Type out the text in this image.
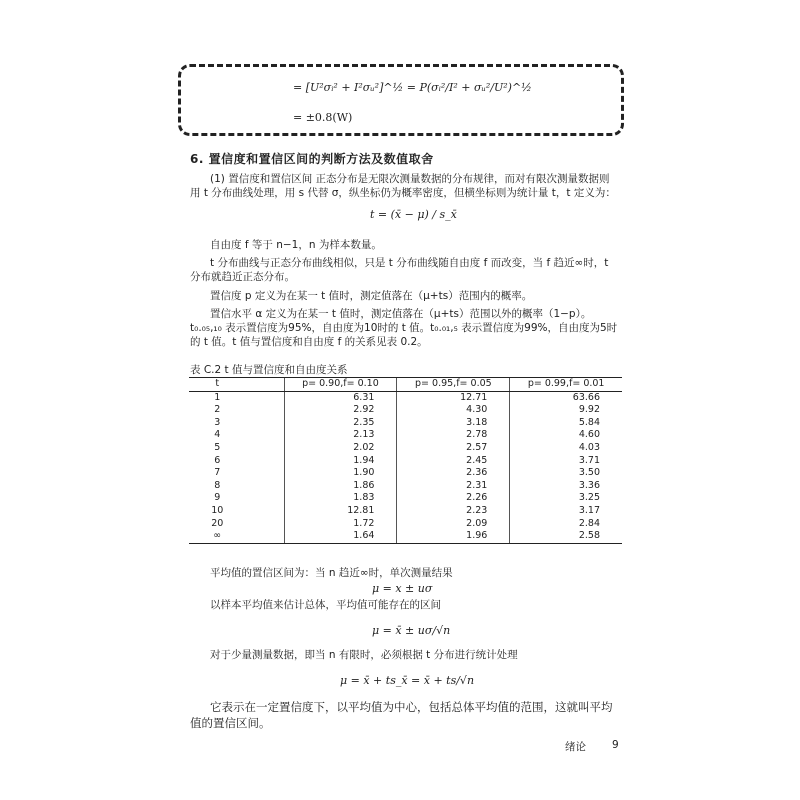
= [U²σᵢ² + I²σᵤ²]^½ = P(σᵢ²/I² + σᵤ²/U²)^½
= ±0.8(W)
6. 置信度和置信区间的判断方法及数值取舍
(1) 置信度和置信区间 正态分布是无限次测量数据的分布规律，而对有限次测量数据则用 t 分布曲线处理，用 s 代替 σ，纵坐标仍为概率密度，但横坐标则为统计量 t，t 定义为：
t = (x̄ − μ) / s_x̄
自由度 f 等于 n−1，n 为样本数量。
t 分布曲线与正态分布曲线相似，只是 t 分布曲线随自由度 f 而改变，当 f 趋近∞时，t 分布就趋近正态分布。
置信度 p 定义为在某一 t 值时，测定值落在（μ+ts）范围内的概率。
置信水平 α 定义为在某一 t 值时，测定值落在（μ+ts）范围以外的概率（1−p）。t₀.₀₅,₁₀ 表示置信度为95%，自由度为10时的 t 值。t₀.₀₁,₅ 表示置信度为99%，自由度为5时的 t 值。t 值与置信度和自由度 f 的关系见表 0.2。
表 C.2 t 值与置信度和自由度关系
t	p= 0.90,f= 0.10	p= 0.95,f= 0.05	p= 0.99,f= 0.01
1	6.31	12.71	63.66
2	2.92	4.30	9.92
3	2.35	3.18	5.84
4	2.13	2.78	4.60
5	2.02	2.57	4.03
6	1.94	2.45	3.71
7	1.90	2.36	3.50
8	1.86	2.31	3.36
9	1.83	2.26	3.25
10	12.81	2.23	3.17
20	1.72	2.09	2.84
∞	1.64	1.96	2.58
平均值的置信区间为：当 n 趋近∞时，单次测量结果
μ = x ± uσ
以样本平均值来估计总体，平均值可能存在的区间
μ = x̄ ± uσ/√n
对于少量测量数据，即当 n 有限时，必须根据 t 分布进行统计处理
μ = x̄ + ts_x̄ = x̄ + ts/√n
它表示在一定置信度下，以平均值为中心，包括总体平均值的范围，这就叫平均值的置信区间。
绪论 9
